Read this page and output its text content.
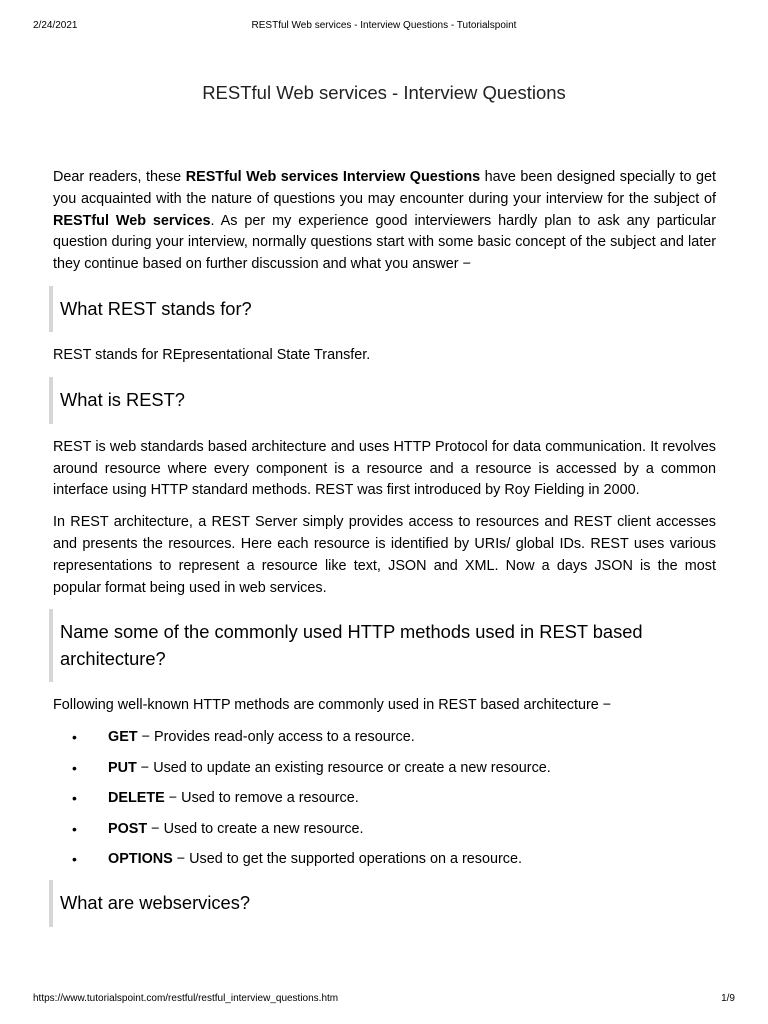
2/24/2021	RESTful Web services - Interview Questions - Tutorialspoint
RESTful Web services - Interview Questions

Dear readers, these RESTful Web services Interview Questions have been designed specially to get you acquainted with the nature of questions you may encounter during your interview for the subject of RESTful Web services. As per my experience good interviewers hardly plan to ask any particular question during your interview, normally questions start with some basic concept of the subject and later they continue based on further discussion and what you answer −

What REST stands for?

REST stands for REpresentational State Transfer.

What is REST?

REST is web standards based architecture and uses HTTP Protocol for data communication. It revolves around resource where every component is a resource and a resource is accessed by a common interface using HTTP standard methods. REST was first introduced by Roy Fielding in 2000.

In REST architecture, a REST Server simply provides access to resources and REST client accesses and presents the resources. Here each resource is identified by URIs/ global IDs. REST uses various representations to represent a resource like text, JSON and XML. Now a days JSON is the most popular format being used in web services.

Name some of the commonly used HTTP methods used in REST based architecture?

Following well-known HTTP methods are commonly used in REST based architecture −

• GET − Provides read-only access to a resource.
• PUT − Used to update an existing resource or create a new resource.
• DELETE − Used to remove a resource.
• POST − Used to create a new resource.
• OPTIONS − Used to get the supported operations on a resource.
What are webservices?
https://www.tutorialspoint.com/restful/restful_interview_questions.htm	1/9
